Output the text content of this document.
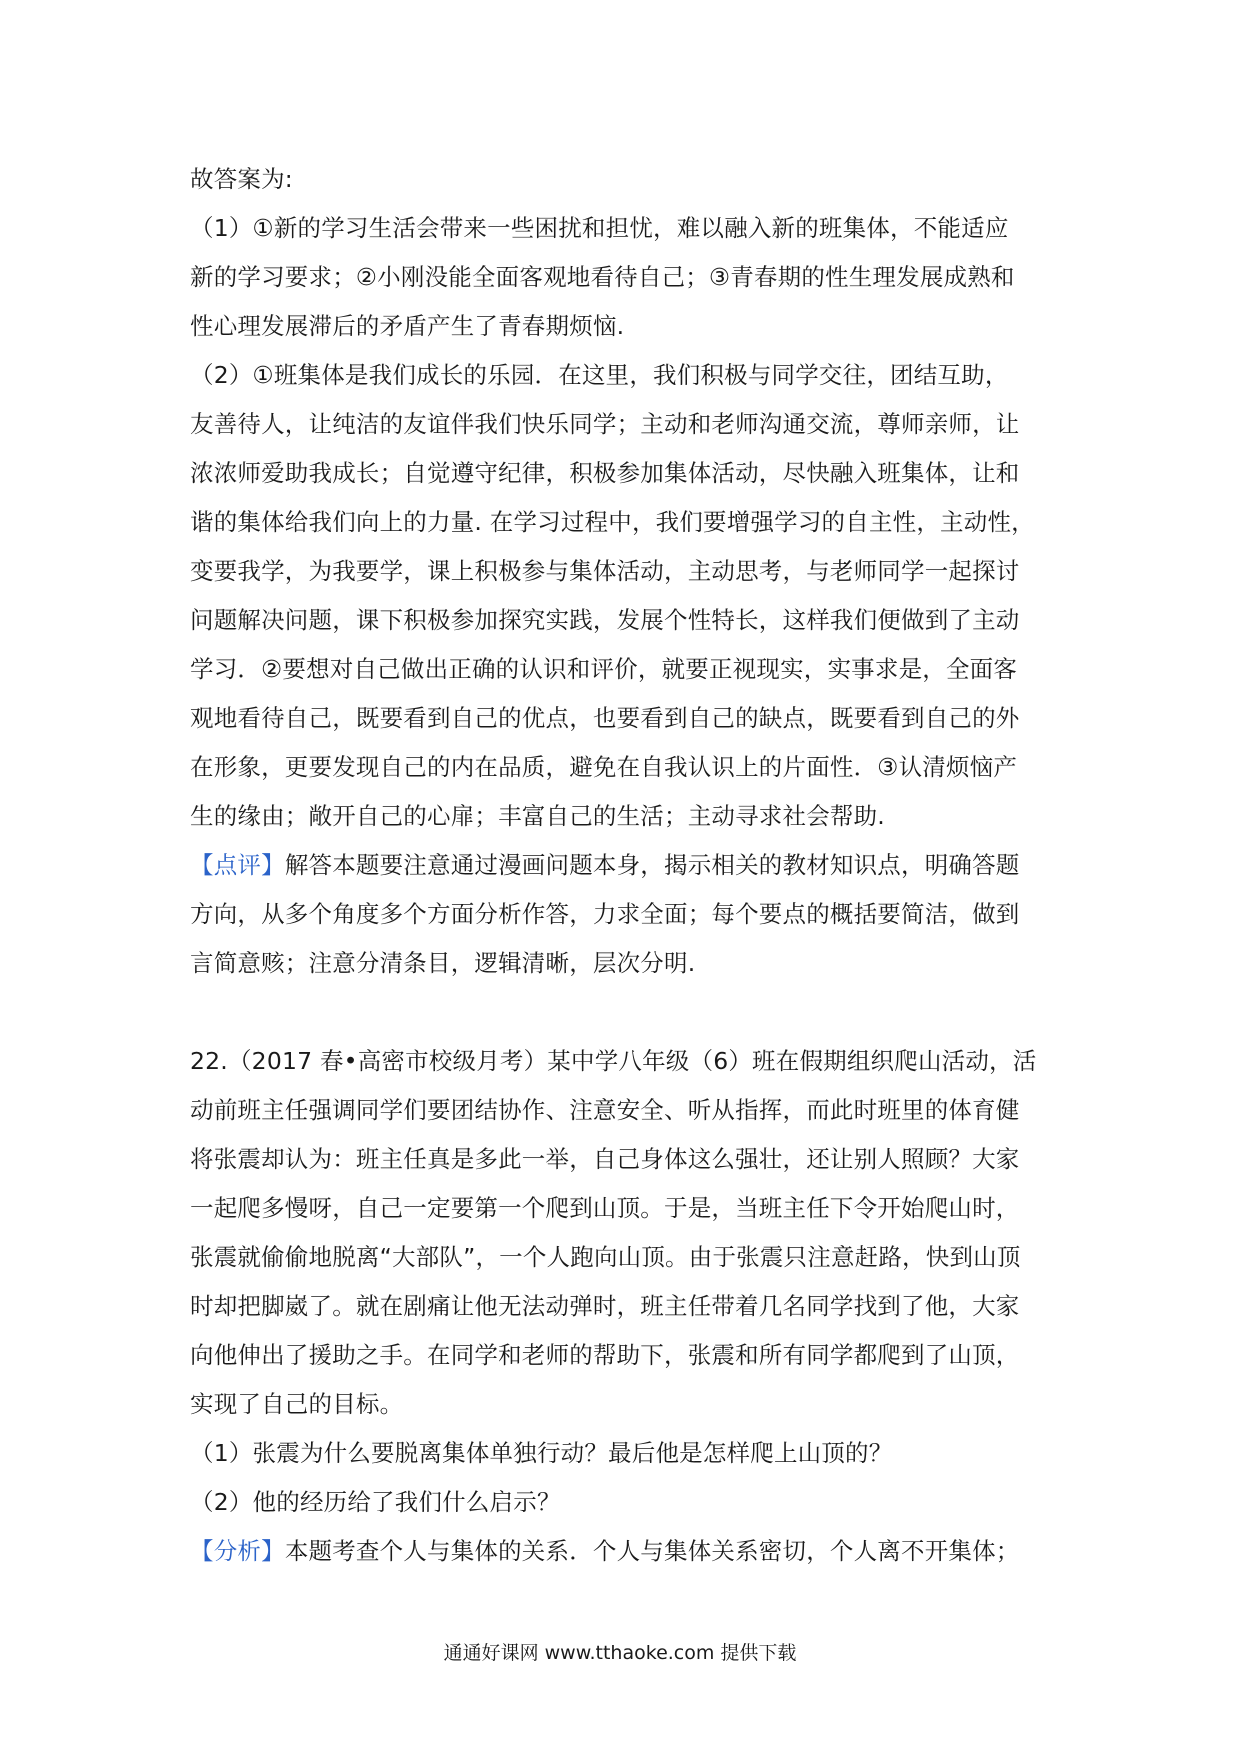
故答案为:
（1）①新的学习生活会带来一些困扰和担忧，难以融入新的班集体，不能适应
新的学习要求；②小刚没能全面客观地看待自己；③青春期的性生理发展成熟和
性心理发展滞后的矛盾产生了青春期烦恼.
（2）①班集体是我们成长的乐园．在这里，我们积极与同学交往，团结互助，
友善待人，让纯洁的友谊伴我们快乐同学；主动和老师沟通交流，尊师亲师，让
浓浓师爱助我成长；自觉遵守纪律，积极参加集体活动，尽快融入班集体，让和
谐的集体给我们向上的力量. 在学习过程中，我们要增强学习的自主性，主动性，
变要我学，为我要学，课上积极参与集体活动，主动思考，与老师同学一起探讨
问题解决问题，课下积极参加探究实践，发展个性特长，这样我们便做到了主动
学习．②要想对自己做出正确的认识和评价，就要正视现实，实事求是，全面客
观地看待自己，既要看到自己的优点，也要看到自己的缺点，既要看到自己的外
在形象，更要发现自己的内在品质，避免在自我认识上的片面性．③认清烦恼产
生的缘由；敞开自己的心扉；丰富自己的生活；主动寻求社会帮助.
【点评】解答本题要注意通过漫画问题本身，揭示相关的教材知识点，明确答题
方向，从多个角度多个方面分析作答，力求全面；每个要点的概括要简洁，做到
言简意赅；注意分清条目，逻辑清晰，层次分明.
22.（2017 春•高密市校级月考）某中学八年级（6）班在假期组织爬山活动，活
动前班主任强调同学们要团结协作、注意安全、听从指挥，而此时班里的体育健
将张震却认为：班主任真是多此一举，自己身体这么强壮，还让别人照顾？大家
一起爬多慢呀，自己一定要第一个爬到山顶。于是，当班主任下令开始爬山时，
张震就偷偷地脱离“大部队”，一个人跑向山顶。由于张震只注意赶路，快到山顶
时却把脚崴了。就在剧痛让他无法动弹时，班主任带着几名同学找到了他，大家
向他伸出了援助之手。在同学和老师的帮助下，张震和所有同学都爬到了山顶，
实现了自己的目标。
（1）张震为什么要脱离集体单独行动？最后他是怎样爬上山顶的？
（2）他的经历给了我们什么启示？
【分析】本题考查个人与集体的关系．个人与集体关系密切，个人离不开集体；
通通好课网 www.tthaoke.com 提供下载
